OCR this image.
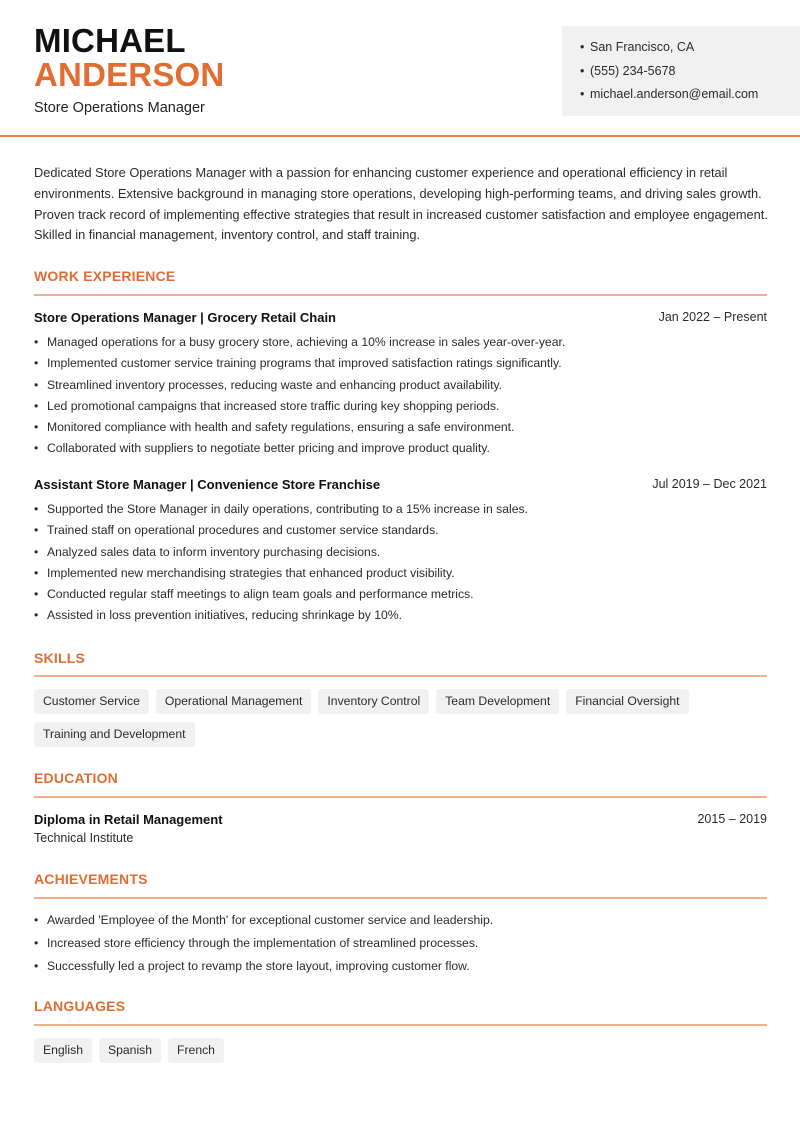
MICHAEL
ANDERSON
Store Operations Manager
• San Francisco, CA
• (555) 234-5678
• michael.anderson@email.com
Dedicated Store Operations Manager with a passion for enhancing customer experience and operational efficiency in retail environments. Extensive background in managing store operations, developing high-performing teams, and driving sales growth. Proven track record of implementing effective strategies that result in increased customer satisfaction and employee engagement. Skilled in financial management, inventory control, and staff training.
WORK EXPERIENCE
Store Operations Manager | Grocery Retail Chain	Jan 2022 – Present
• Managed operations for a busy grocery store, achieving a 10% increase in sales year-over-year.
• Implemented customer service training programs that improved satisfaction ratings significantly.
• Streamlined inventory processes, reducing waste and enhancing product availability.
• Led promotional campaigns that increased store traffic during key shopping periods.
• Monitored compliance with health and safety regulations, ensuring a safe environment.
• Collaborated with suppliers to negotiate better pricing and improve product quality.
Assistant Store Manager | Convenience Store Franchise	Jul 2019 – Dec 2021
• Supported the Store Manager in daily operations, contributing to a 15% increase in sales.
• Trained staff on operational procedures and customer service standards.
• Analyzed sales data to inform inventory purchasing decisions.
• Implemented new merchandising strategies that enhanced product visibility.
• Conducted regular staff meetings to align team goals and performance metrics.
• Assisted in loss prevention initiatives, reducing shrinkage by 10%.
SKILLS
Customer Service	Operational Management	Inventory Control	Team Development	Financial Oversight
Training and Development
EDUCATION
Diploma in Retail Management	2015 – 2019
Technical Institute
ACHIEVEMENTS
• Awarded 'Employee of the Month' for exceptional customer service and leadership.
• Increased store efficiency through the implementation of streamlined processes.
• Successfully led a project to revamp the store layout, improving customer flow.
LANGUAGES
English	Spanish	French
